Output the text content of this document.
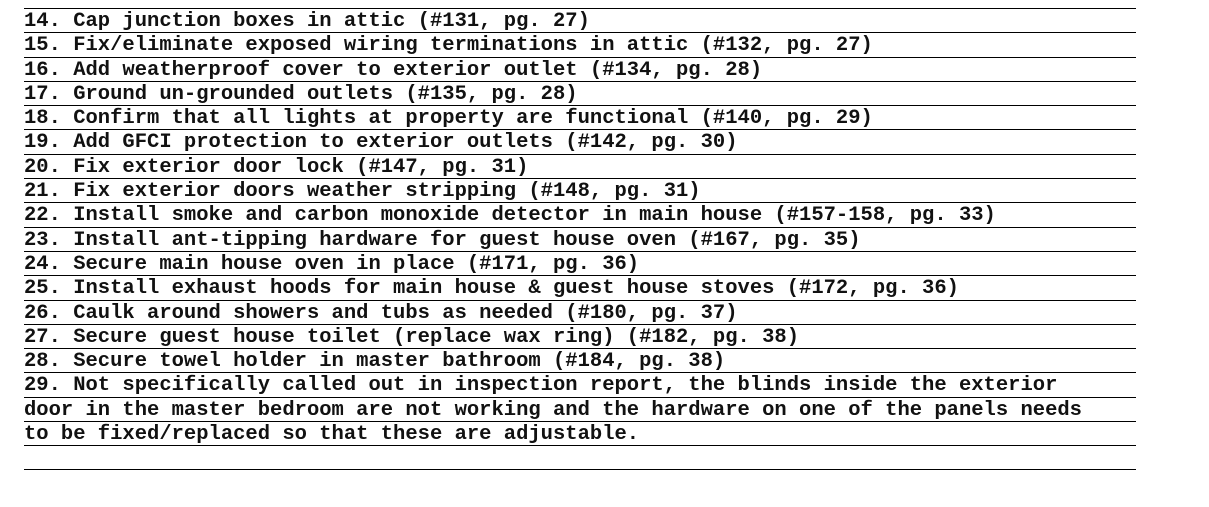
14. Cap junction boxes in attic (#131, pg. 27)
15. Fix/eliminate exposed wiring terminations in attic (#132, pg. 27)
16. Add weatherproof cover to exterior outlet (#134, pg. 28)
17. Ground un-grounded outlets (#135, pg. 28)
18. Confirm that all lights at property are functional (#140, pg. 29)
19. Add GFCI protection to exterior outlets (#142, pg. 30)
20. Fix exterior door lock (#147, pg. 31)
21. Fix exterior doors weather stripping (#148, pg. 31)
22. Install smoke and carbon monoxide detector in main house (#157-158, pg. 33)
23. Install ant-tipping hardware for guest house oven (#167, pg. 35)
24. Secure main house oven in place (#171, pg. 36)
25. Install exhaust hoods for main house & guest house stoves (#172, pg. 36)
26. Caulk around showers and tubs as needed (#180, pg. 37)
27. Secure guest house toilet (replace wax ring) (#182, pg. 38)
28. Secure towel holder in master bathroom (#184, pg. 38)
29. Not specifically called out in inspection report, the blinds inside the exterior
door in the master bedroom are not working and the hardware on one of the panels needs
to be fixed/replaced so that these are adjustable.
